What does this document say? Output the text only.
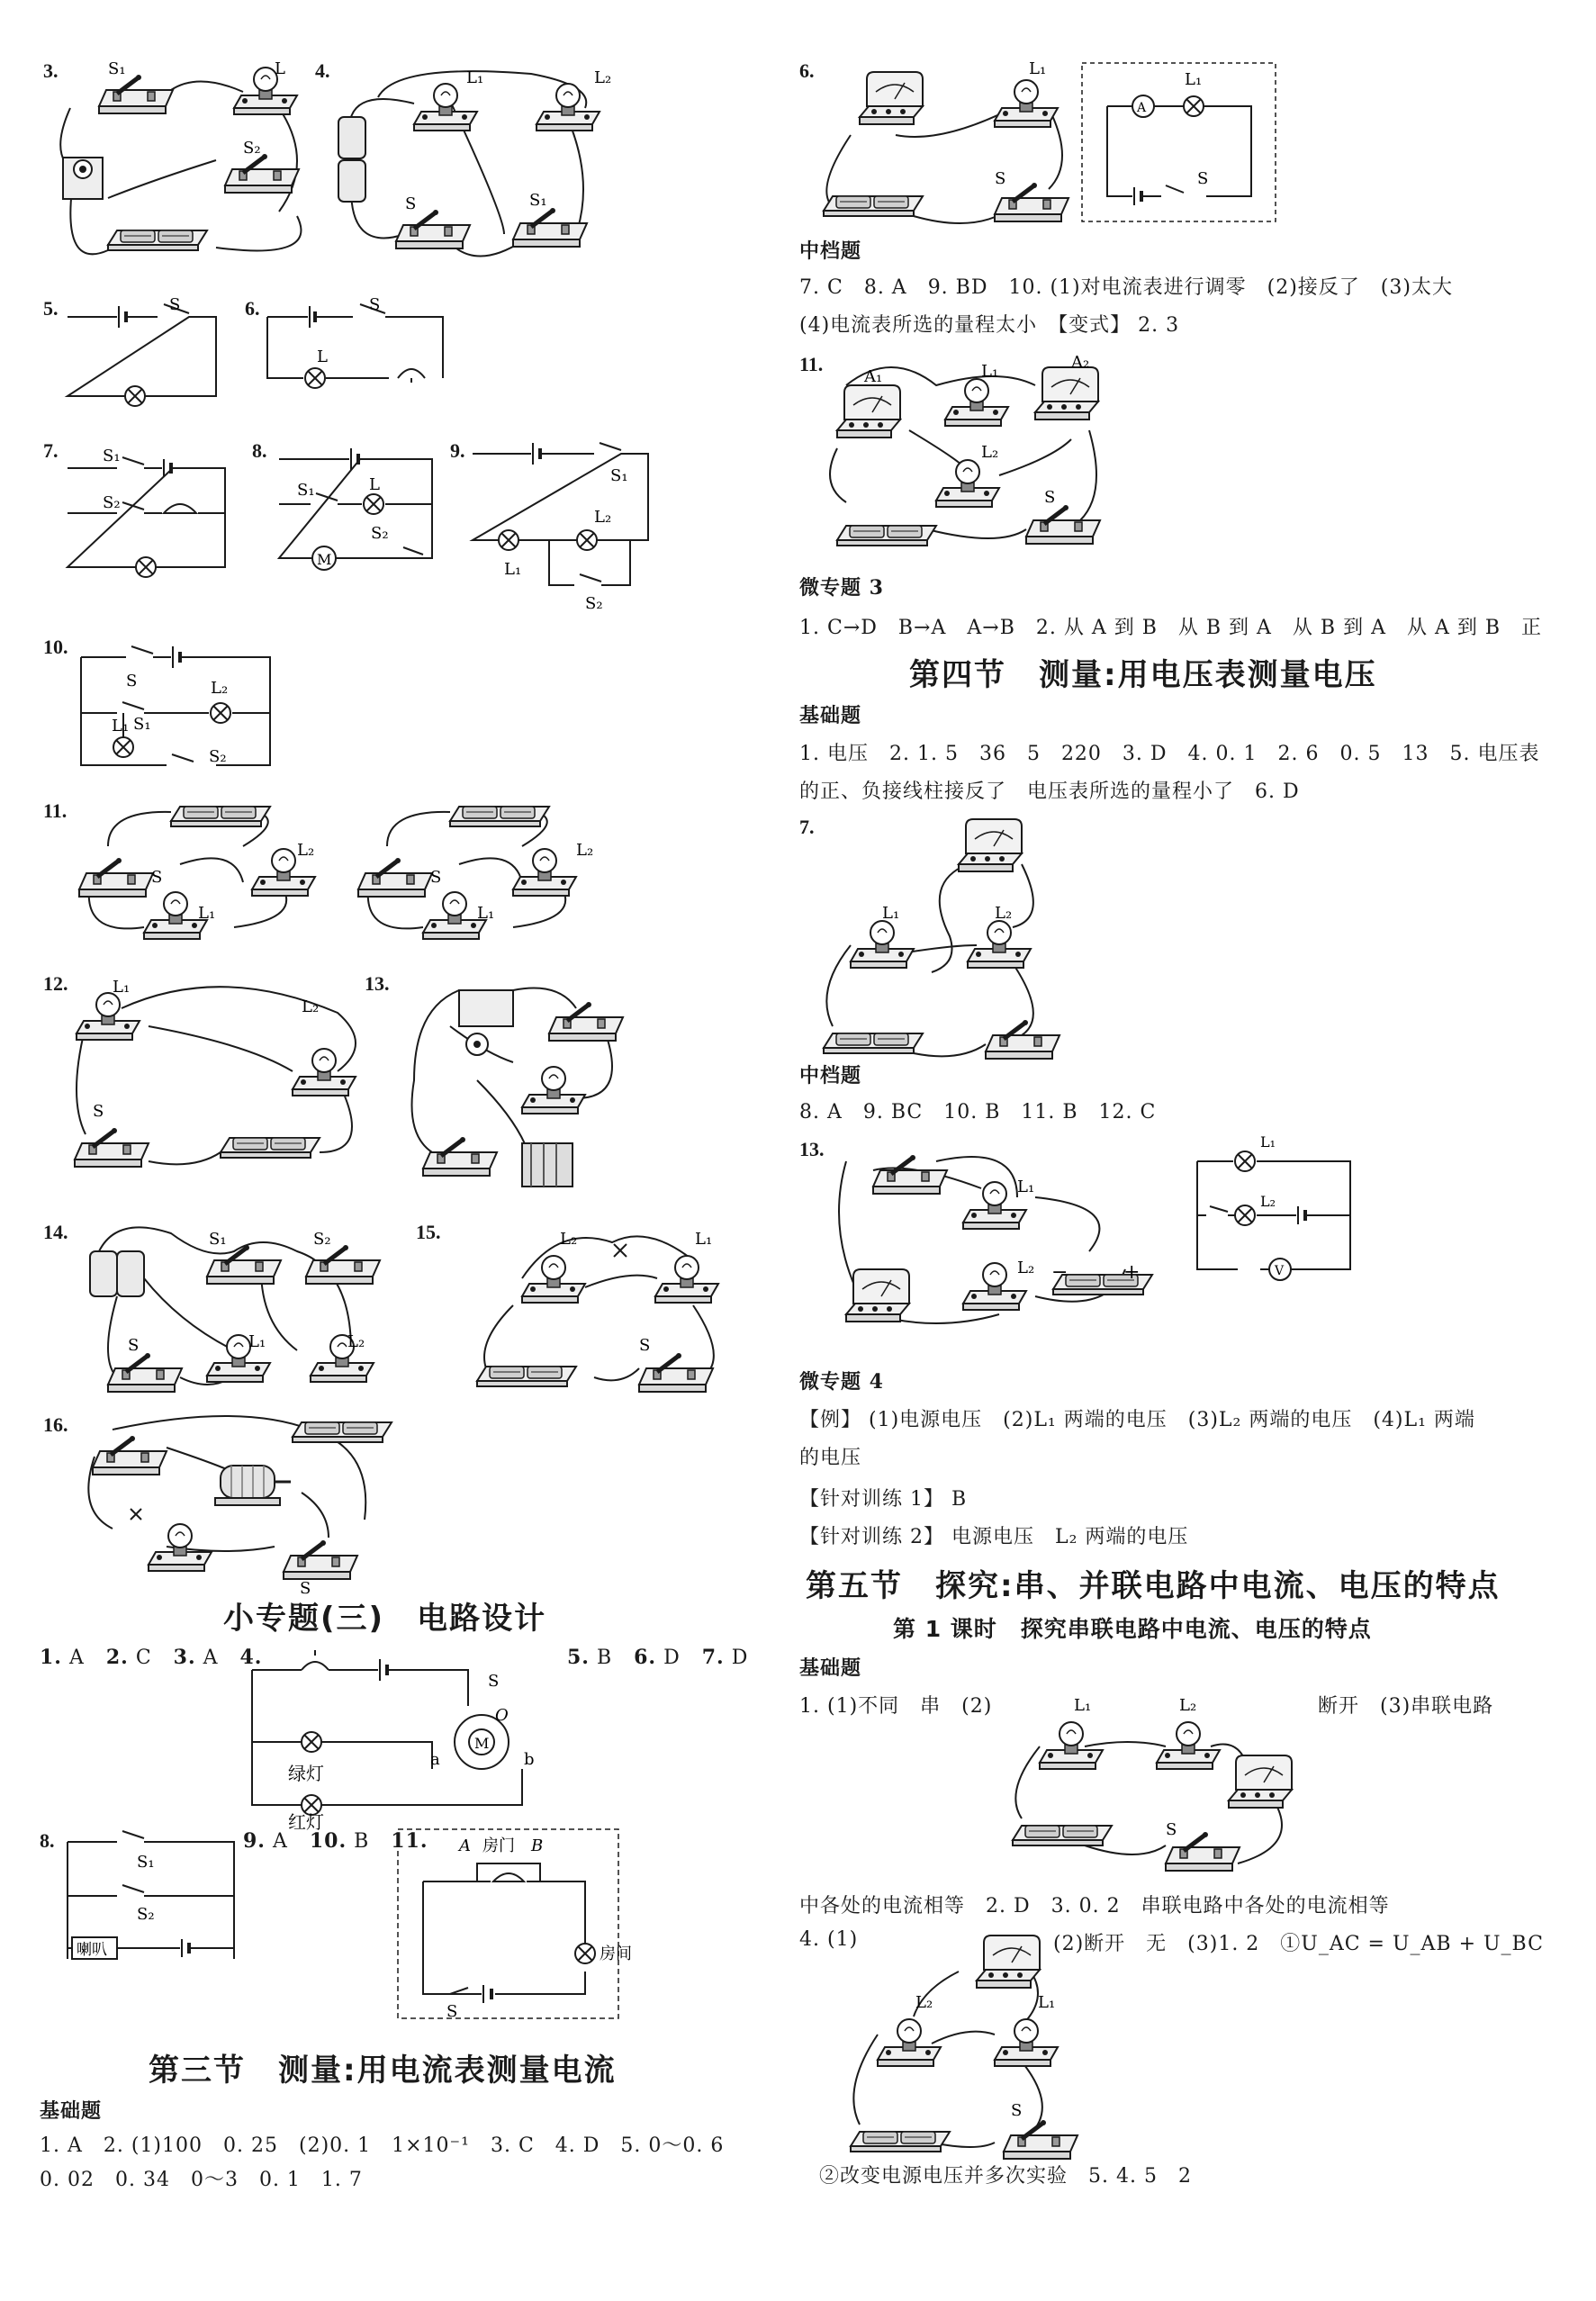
3.	S₁	L
S₂
4.	L₁	L₂
S	S₁
5.	S	6.	S
L
7.	S₁
S₂
8.
M
S₁	L
S₂
9.
S₁
L₂
L₁
S₂
10.
S	L₂
L₁ S₁
S₂
11.
S
L₂
L₁
S
L₂
L₁
12.	L₁
L₂
S
13.
14.	S₁	S₂
S	L₁	L₂
15.	L₂	L₁
S
16.
S
小专题(三)　电路设计
1. A 2. C 3. A 4.	5. B 6. D 7. D
M
O
S
a	b
绿灯
红灯
8.
喇叭
S₁
S₂
9. A 10. B 11. A 房门 B
房间
S
第三节　测量:用电流表测量电流
基础题
1. A　2. (1)100　0. 25　(2)0. 1　1×10⁻¹　3. C　4. D　5. 0～0. 6
0. 02　0. 34　0～3　0. 1　1. 7
6.	L₁
S
A
L₁
S
中档题
7. C　8. A　9. BD　10. (1)对电流表进行调零　(2)接反了　(3)太大
(4)电流表所选的量程太小　【变式】 2. 3
11.
A₁
A₂
L₁
L₂
S
微专题 3
1. C→D　B→A　A→B　2. 从 A 到 B　从 B 到 A　从 B 到 A　从 A 到 B　正
第四节　测量:用电压表测量电压
基础题
1. 电压　2. 1. 5　36　5　220　3. D　4. 0. 1　2. 6　0. 5　13　5. 电压表
的正、负接线柱接反了　电压表所选的量程小了　6. D
7.
L₁	L₂
中档题
8. A　9. BC　10. B　11. B　12. C
13.
L₁
L₂ −	+	V
L₁
L₂
微专题 4
【例】 (1)电源电压　(2)L₁ 两端的电压　(3)L₂ 两端的电压　(4)L₁ 两端
的电压
【针对训练 1】 B
【针对训练 2】 电源电压　L₂ 两端的电压
第五节　探究:串、并联电路中电流、电压的特点
第 1 课时　探究串联电路中电流、电压的特点
基础题
1. (1)不同　串　(2)	断开　(3)串联电路
L₁	L₂
S
中各处的电流相等　2. D　3. 0. 2　串联电路中各处的电流相等
4. (1)	(2)断开　无　(3)1. 2　①U_AC = U_AB + U_BC
L₂	L₁
S
②改变电源电压并多次实验　5. 4. 5　2
